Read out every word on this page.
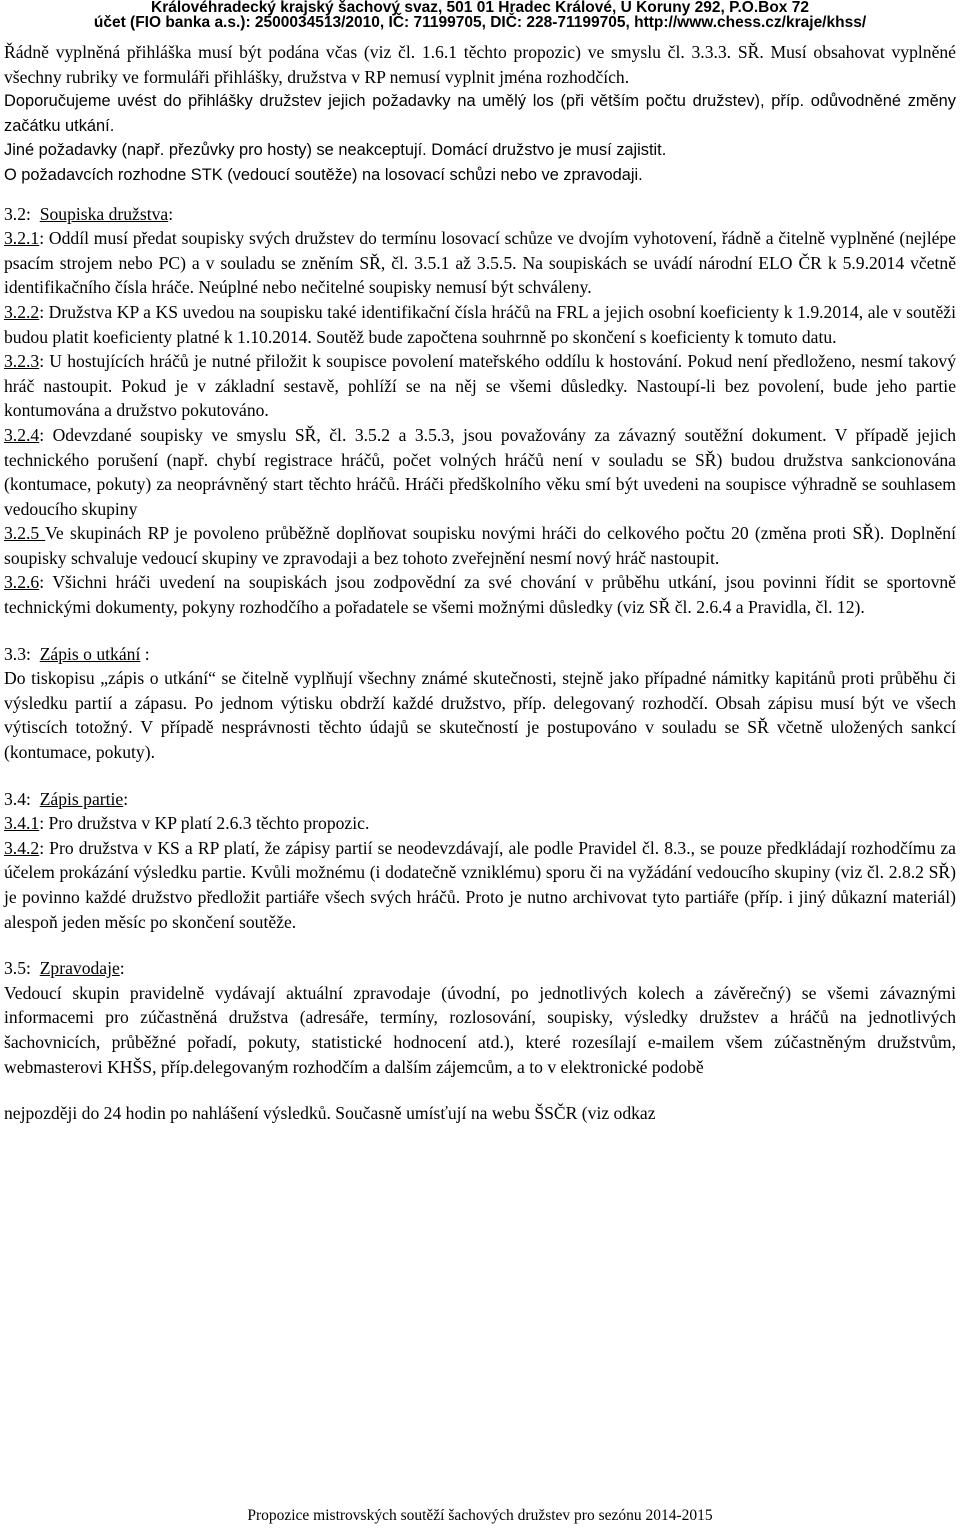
Královéhradecký krajský šachový svaz, 501 01 Hradec Králové, U Koruny 292, P.O.Box 72
účet (FIO banka a.s.): 2500034513/2010, IČ: 71199705, DIČ: 228-71199705, http://www.chess.cz/kraje/khss/

Řádně vyplněná přihláška musí být podána včas (viz čl. 1.6.1 těchto propozic) ve smyslu čl. 3.3.3. SŘ. Musí obsahovat vyplněné všechny rubriky ve formuláři přihlášky, družstva v RP nemusí vyplnit jména rozhodčích.

Doporučujeme uvést do přihlášky družstev jejich požadavky na umělý los (při větším počtu družstev), příp. odůvodněné změny začátku utkání.

Jiné požadavky (např. přezůvky pro hosty) se neakceptují. Domácí družstvo je musí zajistit.

O požadavcích rozhodne STK (vedoucí soutěže) na losovací schůzi nebo ve zpravodaji.

3.2: Soupiska družstva:

3.2.1: Oddíl musí předat soupisky svých družstev do termínu losovací schůze ve dvojím vyhotovení, řádně a čitelně vyplněné (nejlépe psacím strojem nebo PC) a v souladu se zněním SŘ, čl. 3.5.1 až 3.5.5. Na soupiskách se uvádí národní ELO ČR k 5.9.2014 včetně identifikačního čísla hráče. Neúplné nebo nečitelné soupisky nemusí být schváleny.

3.2.2: Družstva KP a KS uvedou na soupisku také identifikační čísla hráčů na FRL a jejich osobní koeficienty k 1.9.2014, ale v soutěži budou platit koeficienty platné k 1.10.2014. Soutěž bude započtena souhrnně po skončení s koeficienty k tomuto datu.

3.2.3: U hostujících hráčů je nutné přiložit k soupisce povolení mateřského oddílu k hostování. Pokud není předloženo, nesmí takový hráč nastoupit. Pokud je v základní sestavě, pohlíží se na něj se všemi důsledky. Nastoupí-li bez povolení, bude jeho partie kontumována a družstvo pokutováno.

3.2.4: Odevzdané soupisky ve smyslu SŘ, čl. 3.5.2 a 3.5.3, jsou považovány za závazný soutěžní dokument. V případě jejich technického porušení (např. chybí registrace hráčů, počet volných hráčů není v souladu se SŘ) budou družstva sankcionována (kontumace, pokuty) za neoprávněný start těchto hráčů. Hráči předškolního věku smí být uvedeni na soupisce výhradně se souhlasem vedoucího skupiny

3.2.5 Ve skupinách RP je povoleno průběžně doplňovat soupisku novými hráči do celkového počtu 20 (změna proti SŘ). Doplnění soupisky schvaluje vedoucí skupiny ve zpravodaji a bez tohoto zveřejnění nesmí nový hráč nastoupit.

3.2.6: Všichni hráči uvedení na soupiskách jsou zodpovědní za své chování v průběhu utkání, jsou povinni řídit se sportovně technickými dokumenty, pokyny rozhodčího a pořadatele se všemi možnými důsledky (viz SŘ čl. 2.6.4 a Pravidla, čl. 12).

3.3: Zápis o utkání :

Do tiskopisu „zápis o utkání“ se čitelně vyplňují všechny známé skutečnosti, stejně jako případné námitky kapitánů proti průběhu či výsledku partií a zápasu. Po jednom výtisku obdrží každé družstvo, příp. delegovaný rozhodčí. Obsah zápisu musí být ve všech výtiscích totožný. V případě nesprávnosti těchto údajů se skutečností je postupováno v souladu se SŘ včetně uložených sankcí (kontumace, pokuty).

3.4: Zápis partie:

3.4.1: Pro družstva v KP platí 2.6.3 těchto propozic.

3.4.2: Pro družstva v KS a RP platí, že zápisy partií se neodevzdávají, ale podle Pravidel čl. 8.3., se pouze předkládají rozhodčímu za účelem prokázání výsledku partie. Kvůli možnému (i dodatečně vzniklému) sporu či na vyžádání vedoucího skupiny (viz čl. 2.8.2 SŘ) je povinno každé družstvo předložit partiáře všech svých hráčů. Proto je nutno archivovat tyto partiáře (příp. i jiný důkazní materiál) alespoň jeden měsíc po skončení soutěže.

3.5: Zpravodaje:

Vedoucí skupin pravidelně vydávají aktuální zpravodaje (úvodní, po jednotlivých kolech a závěrečný) se všemi závaznými informacemi pro zúčastněná družstva (adresáře, termíny, rozlosování, soupisky, výsledky družstev a hráčů na jednotlivých šachovnicích, průběžné pořadí, pokuty, statistické hodnocení atd.), které rozesílají e-mailem všem zúčastněným družstvům, webmasterovi KHŠS, příp.delegovaným rozhodčím a dalším zájemcům, a to v elektronické podobě

nejpozději do 24 hodin po nahlášení výsledků. Současně umísťují na webu ŠSČR (viz odkaz

Propozice mistrovských soutěží šachových družstev pro sezónu 2014-2015
